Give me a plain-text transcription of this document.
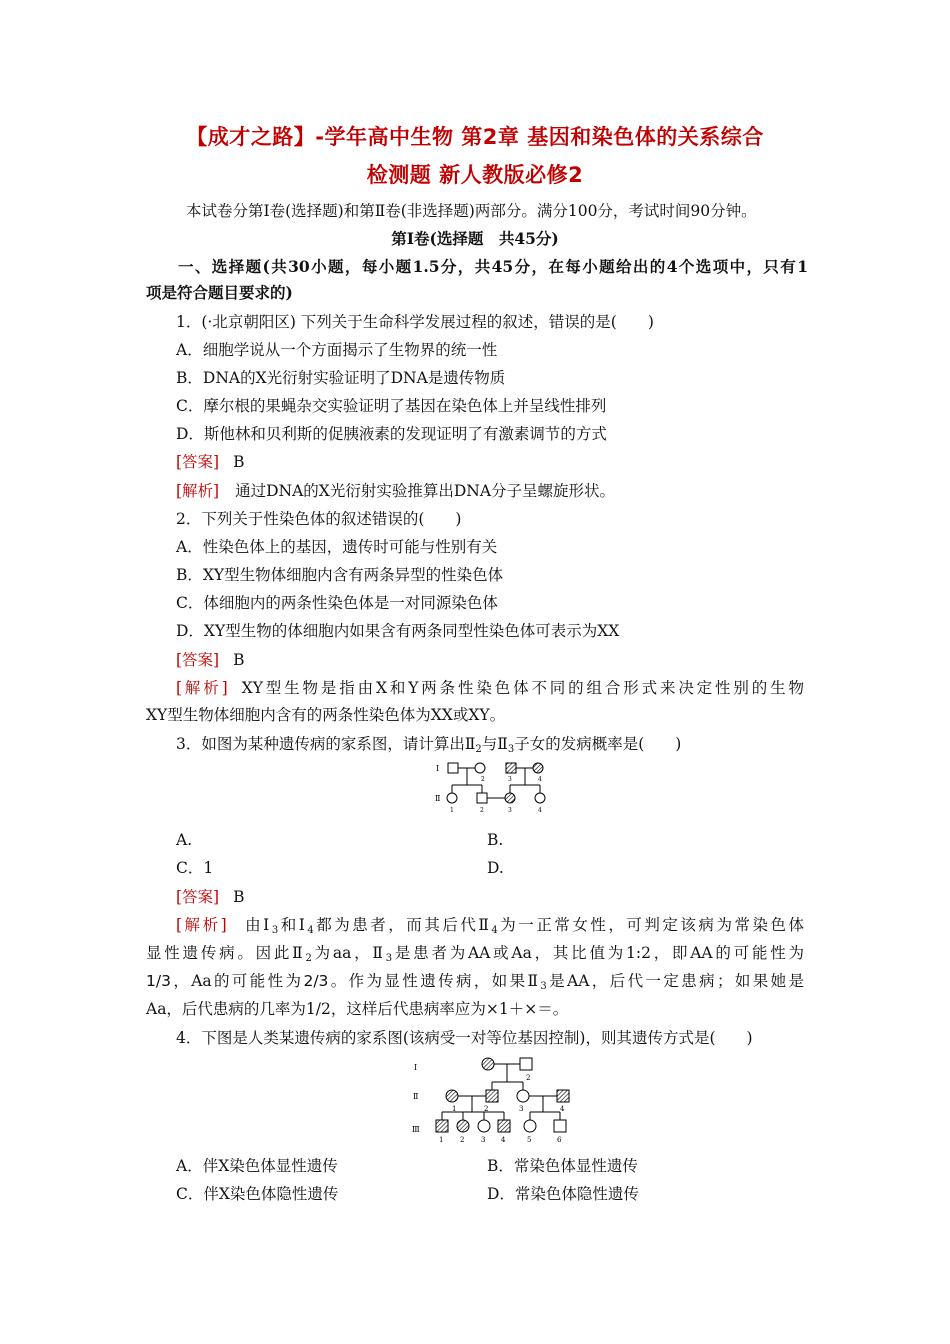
【成才之路】-学年高中生物 第2章 基因和染色体的关系综合
检测题 新人教版必修2
本试卷分第Ⅰ卷(选择题)和第Ⅱ卷(非选择题)两部分。满分100分，考试时间90分钟。
第Ⅰ卷(选择题　共45分)
一、选择题(共30小题，每小题1.5分，共45分，在每小题给出的4个选项中，只有1
项是符合题目要求的)
1．(·北京朝阳区) 下列关于生命科学发展过程的叙述，错误的是(　　)
A．细胞学说从一个方面揭示了生物界的统一性
B．DNA的X光衍射实验证明了DNA是遗传物质
C．摩尔根的果蝇杂交实验证明了基因在染色体上并呈线性排列
D．斯他林和贝利斯的促胰液素的发现证明了有激素调节的方式
[答案] B
[解析] 通过DNA的X光衍射实验推算出DNA分子呈螺旋形状。
2．下列关于性染色体的叙述错误的(　　)
A．性染色体上的基因，遗传时可能与性别有关
B．XY型生物体细胞内含有两条异型的性染色体
C．体细胞内的两条性染色体是一对同源染色体
D．XY型生物的体细胞内如果含有两条同型性染色体可表示为XX
[答案] B
[解析] XY型生物是指由X和Y两条性染色体不同的组合形式来决定性别的生物
XY型生物体细胞内含有的两条性染色体为XX或XY。
3．如图为某种遗传病的家系图，请计算出$Ⅱ_2$与$Ⅱ_3$子女的发病概率是(　　)
Ⅰ
Ⅱ
2	3	4
1	2	3	4
A.	B.
C．1	D.
[答案] B
[解析] 由$Ⅰ_3$和$Ⅰ_4$都为患者，而其后代$Ⅱ_4$为一正常女性，可判定该病为常染色体
显性遗传病。因此$Ⅱ_2$为aa，$Ⅱ_3$是患者为AA或Aa，其比值为1:2，即AA的可能性为
1/3，Aa的可能性为2/3。作为显性遗传病，如果$Ⅱ_3$是AA，后代一定患病；如果她是
Aa，后代患病的几率为1/2，这样后代患病率应为×1＋×＝。
4．下图是人类某遗传病的家系图(该病受一对等位基因控制)，则其遗传方式是(　　)
Ⅰ
Ⅱ
Ⅲ
2
1	2	3	4
1 2 3 4	5	6
A．伴X染色体显性遗传	B．常染色体显性遗传
C．伴X染色体隐性遗传	D．常染色体隐性遗传
